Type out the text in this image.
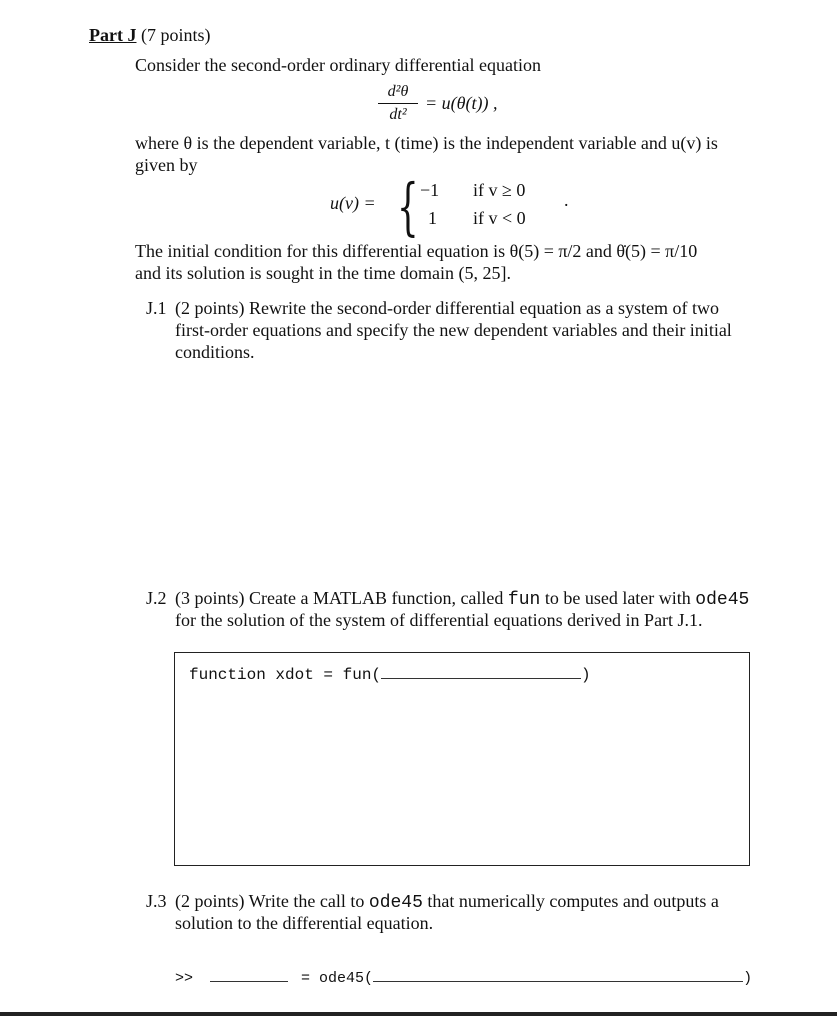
Part J (7 points)
Consider the second-order ordinary differential equation
d²θ
dt²
= u(θ(t)) ,
where θ is the dependent variable, t (time) is the independent variable and u(v) is
given by
u(v) = { −1 if v ≥ 0
1 if v < 0
.
The initial condition for this differential equation is θ(5) = π/2 and θ̇(5) = π/10
and its solution is sought in the time domain (5, 25].
J.1 (2 points) Rewrite the second-order differential equation as a system of two
first-order equations and specify the new dependent variables and their initial
conditions.
J.2 (3 points) Create a MATLAB function, called fun to be used later with ode45
for the solution of the system of differential equations derived in Part J.1.
function xdot = fun(	)
J.3 (2 points) Write the call to ode45 that numerically computes and outputs a
solution to the differential equation.
>>	= ode45(	)
